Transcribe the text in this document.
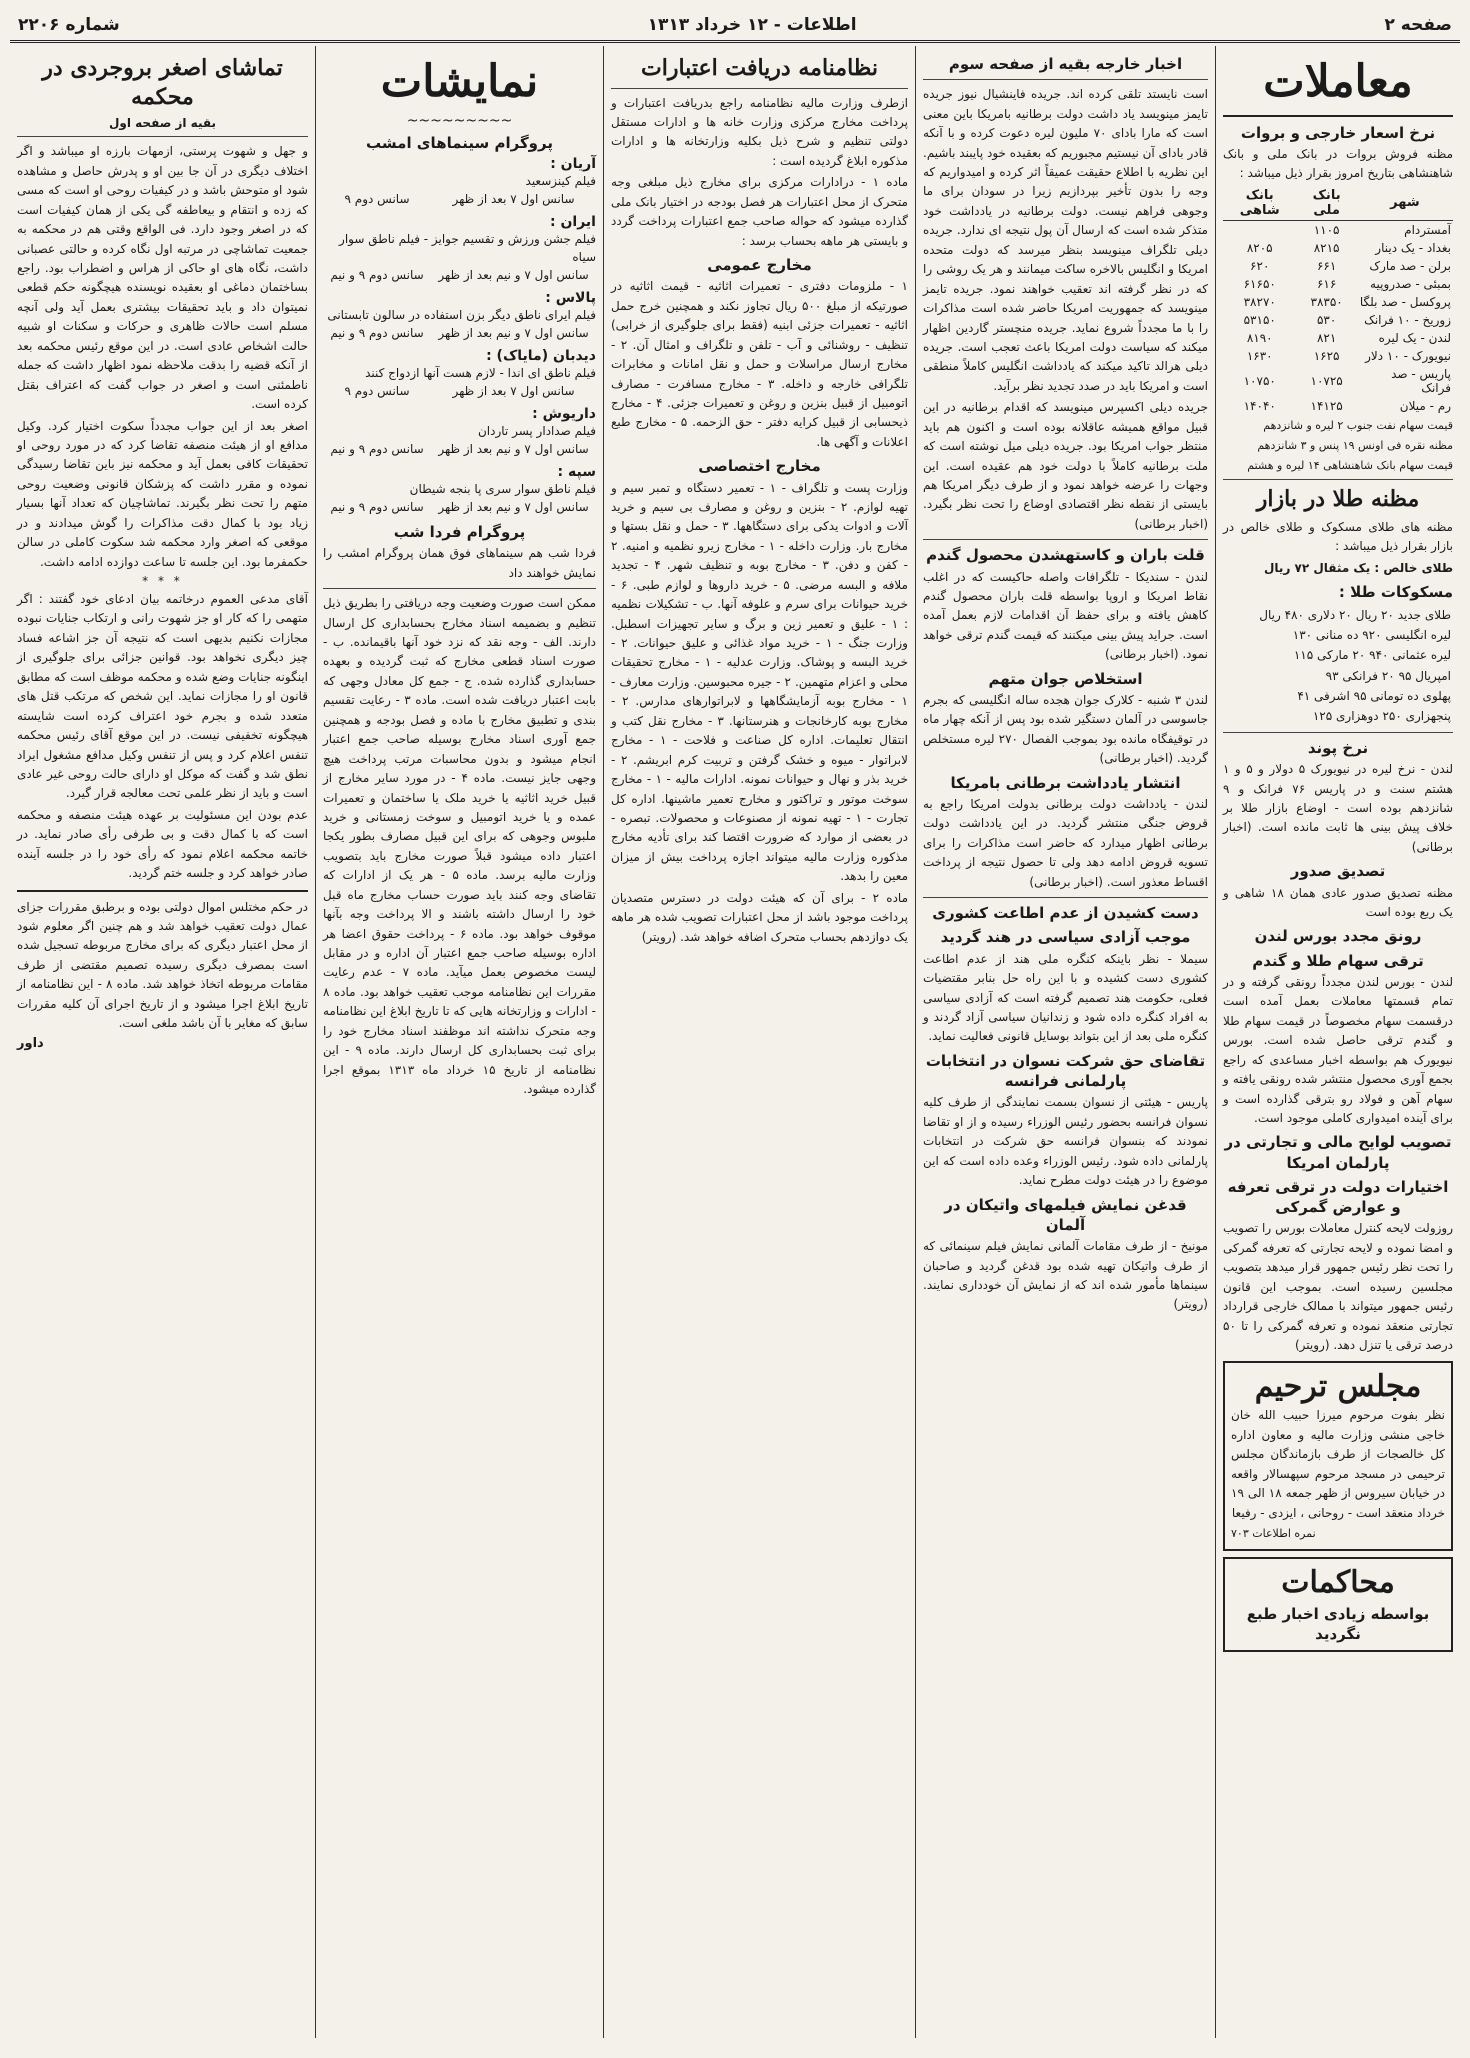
صفحه ۲
اطلاعات - ۱۲ خرداد ۱۳۱۳
شماره ۲۲۰۶
معاملات
نرخ اسعار خارجی و بروات

مظنه فروش بروات در بانک ملی و بانک شاهنشاهی بتاریخ امروز بقرار ذیل میباشد :

شهر	بانک ملی	بانک شاهی
آمستردام	۱۱۰۵	
بغداد - یک دینار	۸۲۱۵	۸۲۰۵
برلن - صد مارک	۶۶۱	۶۲۰
بمبئی - صدروپیه	۶۱۶	۶۱۶۵۰
پروکسل - صد بلگا	۳۸۳۵۰	۳۸۲۷۰
زوریخ - ۱۰ فرانک	۵۳۰	۵۳۱۵۰
لندن - یک لیره	۸۲۱	۸۱۹۰
نیویورک - ۱۰ دلار	۱۶۲۵	۱۶۳۰
پاریس - صد فرانک	۱۰۷۲۵	۱۰۷۵۰
رم - میلان	۱۴۱۲۵	۱۴۰۴۰

قیمت سهام نفت جنوب ۲ لیره و شانزدهم

مظنه نقره فی اونس ۱۹ پنس و ۳ شانزدهم

قیمت سهام بانک شاهنشاهی ۱۴ لیره و هشتم

مظنه طلا در بازار

مظنه های طلای مسکوک و طلای خالص در بازار بقرار ذیل میباشد :

طلای خالص : یک مثقال ۷۲ ریال

مسکوکات طلا :
طلای جدید ۲۰ ریال ۲۰ دلاری ۴۸۰ ریال
لیره انگلیسی ۹۲۰ ده منانی ۱۳۰
لیره عثمانی ۹۴۰ ۲۰ مارکی ۱۱۵
امپریال ۹۵ ۲۰ فرانکی ۹۳
پهلوی ده تومانی ۹۵ اشرفی ۴۱
پنجهزاری ۲۵۰ دوهزاری ۱۲۵
نرخ پوند

لندن - نرخ لیره در نیویورک ۵ دولار و ۵ و ۱ هشتم سنت و در پاریس ۷۶ فرانک و ۹ شانزدهم بوده است - اوضاع بازار طلا بر خلاف پیش بینی ها ثابت مانده است. (اخبار برطانی)

تصدیق صدور

مظنه تصدیق صدور عادی همان ۱۸ شاهی و یک ربع بوده است

رونق مجدد بورس لندن
ترقی سهام طلا و گندم

لندن - بورس لندن مجدداً رونقی گرفته و در تمام قسمتها معاملات بعمل آمده است درقسمت سهام مخصوصاً در قیمت سهام طلا و گندم ترقی حاصل شده است. بورس نیویورک هم بواسطه اخبار مساعدی که راجع بجمع آوری محصول منتشر شده رونقی یافته و سهام آهن و فولاد رو بترقی گذارده است و برای آینده امیدواری کاملی موجود است.

تصویب لوایح مالی و تجارتی در پارلمان امریکا
اختیارات دولت در ترقی تعرفه و عوارض گمرکی

روزولت لایحه کنترل معاملات بورس را تصویب و امضا نموده و لایحه تجارتی که تعرفه گمرکی را تحت نظر رئیس جمهور قرار میدهد بتصویب مجلسین رسیده است. بموجب این قانون رئیس جمهور میتواند با ممالک خارجی قرارداد تجارتی منعقد نموده و تعرفه گمرکی را تا ۵۰ درصد ترقی یا تنزل دهد. (رویتر)

مجلس ترحیم

نظر بفوت مرحوم میرزا حبیب الله خان خاجی منشی وزارت مالیه و معاون اداره کل خالصجات از طرف بازماندگان مجلس ترحیمی در مسجد مرحوم سپهسالار واقعه در خیابان سیروس از ظهر جمعه ۱۸ الی ۱۹ خرداد منعقد است - روحانی ، ایزدی - رفیعا

نمره اطلاعات ۷۰۳

محاکمات
بواسطه زیادی اخبار طبع نگردید
اخبار خارجه بقیه از صفحه سوم

است نایستد تلقی کرده اند. جریده فاینشیال نیوز جریده تایمز مینویسد یاد داشت دولت برطانیه بامریکا باین معنی است که مارا بادای ۷۰ ملیون لیره دعوت کرده و با آنکه قادر بادای آن نیستیم مجبوریم که بعقیده خود پایبند باشیم. این نظریه با اطلاع حقیقت عمیقاً اثر کرده و امیدواریم که وجه را بدون تأخیر بپردازیم زیرا در سودان برای ما وجوهی فراهم نیست. دولت برطانیه در یادداشت خود متذکر شده است که ارسال آن پول نتیجه ای ندارد. جریده دیلی تلگراف مینویسد بنظر میرسد که دولت متحده امریکا و انگلیس بالاخره ساکت میمانند و هر یک روشی را که در نظر گرفته اند تعقیب خواهند نمود. جریده تایمز مینویسد که جمهوریت امریکا حاضر شده است مذاکرات را با ما مجدداً شروع نماید. جریده منچستر گاردین اظهار میکند که سیاست دولت امریکا باعث تعجب است. جریده دیلی هرالد تاکید میکند که یادداشت انگلیس کاملاً منطقی است و امریکا باید در صدد تجدید نظر برآید.

جریده دیلی اکسپرس مینویسد که اقدام برطانیه در این قبیل مواقع همیشه عاقلانه بوده است و اکنون هم باید منتظر جواب امریکا بود. جریده دیلی میل نوشته است که ملت برطانیه کاملاً با دولت خود هم عقیده است. این وجهات را عرضه خواهد نمود و از طرف دیگر امریکا هم بایستی از نقطه نظر اقتصادی اوضاع را تحت نظر بگیرد. (اخبار برطانی)

قلت باران و کاستهشدن محصول گندم

لندن - سندیکا - تلگرافات واصله حاکیست که در اغلب نقاط امریکا و اروپا بواسطه قلت باران محصول گندم کاهش یافته و برای حفظ آن اقدامات لازم بعمل آمده است. جراید پیش بینی میکنند که قیمت گندم ترقی خواهد نمود. (اخبار برطانی)

استخلاص جوان متهم

لندن ۳ شنبه - کلارک جوان هجده ساله انگلیسی که بجرم جاسوسی در آلمان دستگیر شده بود پس از آنکه چهار ماه در توقیفگاه مانده بود بموجب الفصال ۲۷۰ لیره مستخلص گردید. (اخبار برطانی)

انتشار یادداشت برطانی بامریکا

لندن - یادداشت دولت برطانی بدولت امریکا راجع به قروض جنگی منتشر گردید. در این یادداشت دولت برطانی اظهار میدارد که حاضر است مذاکرات را برای تسویه قروض ادامه دهد ولی تا حصول نتیجه از پرداخت اقساط معذور است. (اخبار برطانی)

دست کشیدن از عدم اطاعت کشوری
موجب آزادی سیاسی در هند گردید

سیملا - نظر باینکه کنگره ملی هند از عدم اطاعت کشوری دست کشیده و با این راه حل بنابر مقتضیات فعلی، حکومت هند تصمیم گرفته است که آزادی سیاسی به افراد کنگره داده شود و زندانیان سیاسی آزاد گردند و کنگره ملی بعد از این بتواند بوسایل قانونی فعالیت نماید.

تقاضای حق شرکت نسوان در انتخابات پارلمانی فرانسه

پاریس - هیئتی از نسوان بسمت نمایندگی از طرف کلیه نسوان فرانسه بحضور رئیس الوزراء رسیده و از او تقاضا نمودند که بنسوان فرانسه حق شرکت در انتخابات پارلمانی داده شود. رئیس الوزراء وعده داده است که این موضوع را در هیئت دولت مطرح نماید.

قدغن نمایش فیلمهای واتیکان در آلمان

مونیخ - از طرف مقامات آلمانی نمایش فیلم سینمائی که از طرف واتیکان تهیه شده بود قدغن گردید و صاحبان سینماها مأمور شده اند که از نمایش آن خودداری نمایند. (رویتر)

نظامنامه دریافت اعتبارات

ازطرف وزارت مالیه نظامنامه راجع بدریافت اعتبارات و پرداخت مخارج مرکزی وزارت خانه ها و ادارات مستقل دولتی تنظیم و شرح ذیل بکلیه وزارتخانه ها و ادارات مذکوره ابلاغ گردیده است :

ماده ۱ - درادارات مرکزی برای مخارج ذیل مبلغی وجه متحرک از محل اعتبارات هر فصل بودجه در اختیار بانک ملی گذارده میشود که حواله صاحب جمع اعتبارات پرداخت گردد و بایستی هر ماهه بحساب برسد :

مخارج عمومی

۱ - ملزومات دفتری - تعمیرات اثاثیه - قیمت اثاثیه در صورتیکه از مبلغ ۵۰۰ ریال تجاوز نکند و همچنین خرج حمل اثاثیه - تعمیرات جزئی ابنیه (فقط برای جلوگیری از خرابی) تنظیف - روشنائی و آب - تلفن و تلگراف و امثال آن. ۲ - مخارج ارسال مراسلات و حمل و نقل امانات و مخابرات تلگرافی خارجه و داخله. ۳ - مخارج مسافرت - مصارف اتومبیل از قبیل بنزین و روغن و تعمیرات جزئی. ۴ - مخارج ذیحسابی از قبیل کرایه دفتر - حق الزحمه. ۵ - مخارج طبع اعلانات و آگهی ها.

مخارج اختصاصی

وزارت پست و تلگراف - ۱ - تعمیر دستگاه و تمبر سیم و تهیه لوازم. ۲ - بنزین و روغن و مصارف بی سیم و خرید آلات و ادوات یدکی برای دستگاهها. ۳ - حمل و نقل بستها و مخارج بار. وزارت داخله - ۱ - مخارج زیرو نظمیه و امنیه. ۲ - کفن و دفن. ۳ - مخارج بوبه و تنظیف شهر. ۴ - تجدید ملافه و البسه مرضی. ۵ - خرید داروها و لوازم طبی. ۶ - خرید حیوانات برای سرم و علوفه آنها. ب - تشکیلات نظمیه : ۱ - علیق و تعمیر زین و برگ و سایر تجهیزات اسطبل. وزارت جنگ - ۱ - خرید مواد غذائی و علیق حیوانات. ۲ - خرید البسه و پوشاک. وزارت عدلیه - ۱ - مخارج تحقیقات محلی و اعزام متهمین. ۲ - جیره محبوسین. وزارت معارف - ۱ - مخارج بوبه آزمایشگاهها و لابراتوارهای مدارس. ۲ - مخارج بوبه کارخانجات و هنرستانها. ۳ - مخارج نقل کتب و انتقال تعلیمات. اداره کل صناعت و فلاحت - ۱ - مخارج لابراتوار - میوه و خشک گرفتن و تربیت کرم ابریشم. ۲ - خرید بذر و نهال و حیوانات نمونه. ادارات مالیه - ۱ - مخارج سوخت موتور و تراکتور و مخارج تعمیر ماشینها. اداره کل تجارت - ۱ - تهیه نمونه از مصنوعات و محصولات. تبصره - در بعضی از موارد که ضرورت اقتضا کند برای تأدیه مخارج مذکوره وزارت مالیه میتواند اجازه پرداخت بیش از میزان معین را بدهد.

ماده ۲ - برای آن که هیئت دولت در دسترس متصدیان پرداخت موجود باشد از محل اعتبارات تصویب شده هر ماهه یک دوازدهم بحساب متحرک اضافه خواهد شد. (رویتر)

نمایشات
~~~~~~~~~
پروگرام سینماهای امشب
آریان :
فیلم کینزسعید
سانس اول ۷ بعد از ظهر
سانس دوم ۹
ایران :
فیلم جشن ورزش و تقسیم جوایز - فیلم ناطق سوار سیاه
سانس اول ۷ و نیم بعد از ظهر
سانس دوم ۹ و نیم
پالاس :
فیلم ایرای ناطق دیگر بزن استفاده در سالون تابستانی
سانس اول ۷ و نیم بعد از ظهر
سانس دوم ۹ و نیم
دیدبان (مایاک) :
فیلم ناطق ای اندا - لازم هست آنها ازدواج کنند
سانس اول ۷ بعد از ظهر
سانس دوم ۹
داریوش :
فیلم صدادار پسر تاردان
سانس اول ۷ و نیم بعد از ظهر
سانس دوم ۹ و نیم
سپه :
فیلم ناطق سوار سری پا بنجه شیطان
سانس اول ۷ و نیم بعد از ظهر
سانس دوم ۹ و نیم
پروگرام فردا شب

فردا شب هم سینماهای فوق همان پروگرام امشب را نمایش خواهند داد

ممکن است صورت وضعیت وجه دریافتی را بطریق ذیل تنظیم و بضمیمه اسناد مخارج بحسابداری کل ارسال دارند. الف - وجه نقد که نزد خود آنها باقیمانده. ب - صورت اسناد قطعی مخارج که ثبت گردیده و بعهده حسابداری گذارده شده. ج - جمع کل معادل وجهی که بابت اعتبار دریافت شده است. ماده ۳ - رعایت تقسیم بندی و تطبیق مخارج با ماده و فصل بودجه و همچنین جمع آوری اسناد مخارج بوسیله صاحب جمع اعتبار انجام میشود و بدون محاسبات مرتب پرداخت هیچ وجهی جایز نیست. ماده ۴ - در مورد سایر مخارج از قبیل خرید اثاثیه یا خرید ملک یا ساختمان و تعمیرات عمده و یا خرید اتومبیل و سوخت زمستانی و خرید ملبوس وجوهی که برای این قبیل مصارف بطور یکجا اعتبار داده میشود قبلاً صورت مخارج باید بتصویب وزارت مالیه برسد. ماده ۵ - هر یک از ادارات که تقاضای وجه کنند باید صورت حساب مخارج ماه قبل خود را ارسال داشته باشند و الا پرداخت وجه بآنها موقوف خواهد بود. ماده ۶ - پرداخت حقوق اعضا هر اداره بوسیله صاحب جمع اعتبار آن اداره و در مقابل لیست مخصوص بعمل میآید. ماده ۷ - عدم رعایت مقررات این نظامنامه موجب تعقیب خواهد بود. ماده ۸ - ادارات و وزارتخانه هایی که تا تاریخ ابلاغ این نظامنامه وجه متحرک نداشته اند موظفند اسناد مخارج خود را برای ثبت بحسابداری کل ارسال دارند. ماده ۹ - این نظامنامه از تاریخ ۱۵ خرداد ماه ۱۳۱۳ بموقع اجرا گذارده میشود.

تماشای اصغر بروجردی در محکمه
بقیه از صفحه اول

و جهل و شهوت پرستی، ازمهات بارزه او میباشد و اگر اختلاف دیگری در آن جا بین او و پدرش حاصل و مشاهده شود او متوحش باشد و در کیفیات روحی او است که مسی که زده و انتقام و بیعاطفه گی یکی از همان کیفیات است که در اصغر وجود دارد. فی الواقع وقتی هم در محکمه به جمعیت تماشاچی در مرتبه اول نگاه کرده و حالتی عصبانی داشت، نگاه های او حاکی از هراس و اضطراب بود. راجع بساختمان دماغی او بعقیده نویسنده هیچگونه حکم قطعی نمیتوان داد و باید تحقیقات بیشتری بعمل آید ولی آنچه مسلم است حالات ظاهری و حرکات و سکنات او شبیه حالت اشخاص عادی است. در این موقع رئیس محکمه بعد از آنکه قضیه را بدقت ملاحظه نمود اظهار داشت که جمله ناطمئنی است و اصغر در جواب گفت که اعتراف بقتل کرده است.

اصغر بعد از این جواب مجدداً سکوت اختیار کرد. وکیل مدافع او از هیئت منصفه تقاضا کرد که در مورد روحی او تحقیقات کافی بعمل آید و محکمه نیز باین تقاضا رسیدگی نموده و مقرر داشت که پزشکان قانونی وضعیت روحی متهم را تحت نظر بگیرند. تماشاچیان که تعداد آنها بسیار زیاد بود با کمال دقت مذاکرات را گوش میدادند و در موقعی که اصغر وارد محکمه شد سکوت کاملی در سالن حکمفرما بود. این جلسه تا ساعت دوازده ادامه داشت.

* * *

آقای مدعی العموم درخاتمه بیان ادعای خود گفتند : اگر متهمی را که کار او جز شهوت رانی و ارتکاب جنایات نبوده مجازات نکنیم بدیهی است که نتیجه آن جز اشاعه فساد چیز دیگری نخواهد بود. قوانین جزائی برای جلوگیری از اینگونه جنایات وضع شده و محکمه موظف است که مطابق قانون او را مجازات نماید. این شخص که مرتکب قتل های متعدد شده و بجرم خود اعتراف کرده است شایسته هیچگونه تخفیفی نیست. در این موقع آقای رئیس محکمه تنفس اعلام کرد و پس از تنفس وکیل مدافع مشغول ایراد نطق شد و گفت که موکل او دارای حالت روحی غیر عادی است و باید از نظر علمی تحت معالجه قرار گیرد.

عدم بودن این مسئولیت بر عهده هیئت منصفه و محکمه است که با کمال دقت و بی طرفی رأی صادر نماید. در خاتمه محکمه اعلام نمود که رأی خود را در جلسه آینده صادر خواهد کرد و جلسه ختم گردید.

در حکم مختلس اموال دولتی بوده و برطبق مقررات جزای عمال دولت تعقیب خواهد شد و هم چنین اگر معلوم شود از محل اعتبار دیگری که برای مخارج مربوطه تسجیل شده است بمصرف دیگری رسیده تصمیم مقتضی از طرف مقامات مربوطه اتخاذ خواهد شد. ماده ۸ - این نظامنامه از تاریخ ابلاغ اجرا میشود و از تاریخ اجرای آن کلیه مقررات سابق که مغایر با آن باشد ملغی است.

داور
